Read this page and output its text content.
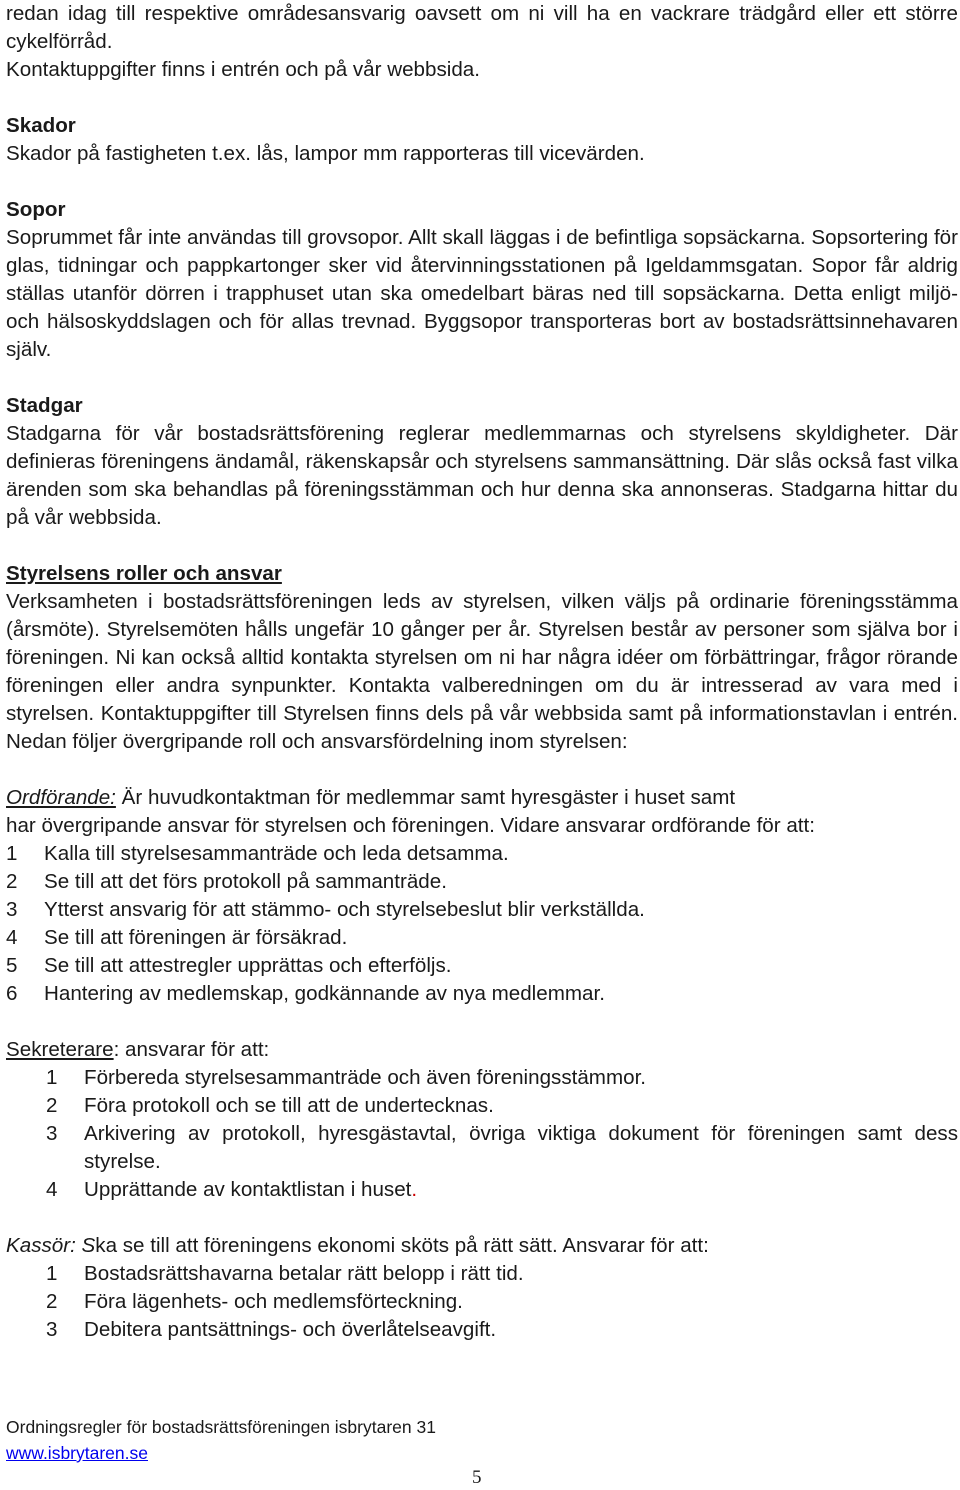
redan idag till respektive områdesansvarig oavsett om ni vill ha en vackrare trädgård eller ett större cykelförråd.

Kontaktuppgifter finns i entrén och på vår webbsida.

Skador

Skador på fastigheten t.ex. lås, lampor mm rapporteras till vicevärden.

Sopor

Soprummet får inte användas till grovsopor. Allt skall läggas i de befintliga sopsäckarna. Sopsortering för glas, tidningar och pappkartonger sker vid återvinningsstationen på Igeldammsgatan. Sopor får aldrig ställas utanför dörren i trapphuset utan ska omedelbart bäras ned till sopsäckarna. Detta enligt miljö- och hälsoskyddslagen och för allas trevnad. Byggsopor transporteras bort av bostadsrättsinnehavaren själv.

Stadgar

Stadgarna för vår bostadsrättsförening reglerar medlemmarnas och styrelsens skyldigheter. Där definieras föreningens ändamål, räkenskapsår och styrelsens sammansättning. Där slås också fast vilka ärenden som ska behandlas på föreningsstämman och hur denna ska annonseras. Stadgarna hittar du på vår webbsida.

Styrelsens roller och ansvar

Verksamheten i bostadsrättsföreningen leds av styrelsen, vilken väljs på ordinarie föreningsstämma (årsmöte). Styrelsemöten hålls ungefär 10 gånger per år. Styrelsen består av personer som själva bor i föreningen. Ni kan också alltid kontakta styrelsen om ni har några idéer om förbättringar, frågor rörande föreningen eller andra synpunkter. Kontakta valberedningen om du är intresserad av vara med i styrelsen. Kontaktuppgifter till Styrelsen finns dels på vår webbsida samt på informationstavlan i entrén. Nedan följer övergripande roll och ansvarsfördelning inom styrelsen:

Ordförande: Är huvudkontaktman för medlemmar samt hyresgäster i huset samt

har övergripande ansvar för styrelsen och föreningen. Vidare ansvarar ordförande för att:

1	Kalla till styrelsesammanträde och leda detsamma.
2	Se till att det förs protokoll på sammanträde.
3	Ytterst ansvarig för att stämmo- och styrelsebeslut blir verkställda.
4	Se till att föreningen är försäkrad.
5	Se till att attestregler upprättas och efterföljs.
6	Hantering av medlemskap, godkännande av nya medlemmar.

Sekreterare: ansvarar för att:

1	Förbereda styrelsesammanträde och även föreningsstämmor.
2	Föra protokoll och se till att de undertecknas.
3	Arkivering av protokoll, hyresgästavtal, övriga viktiga dokument för föreningen samt dess styrelse.
4	Upprättande av kontaktlistan i huset.

Kassör: Ska se till att föreningens ekonomi sköts på rätt sätt. Ansvarar för att:

1	Bostadsrättshavarna betalar rätt belopp i rätt tid.
2	Föra lägenhets- och medlemsförteckning.
3	Debitera pantsättnings- och överlåtelseavgift.
Ordningsregler för bostadsrättsföreningen isbrytaren 31
www.isbrytaren.se
5
